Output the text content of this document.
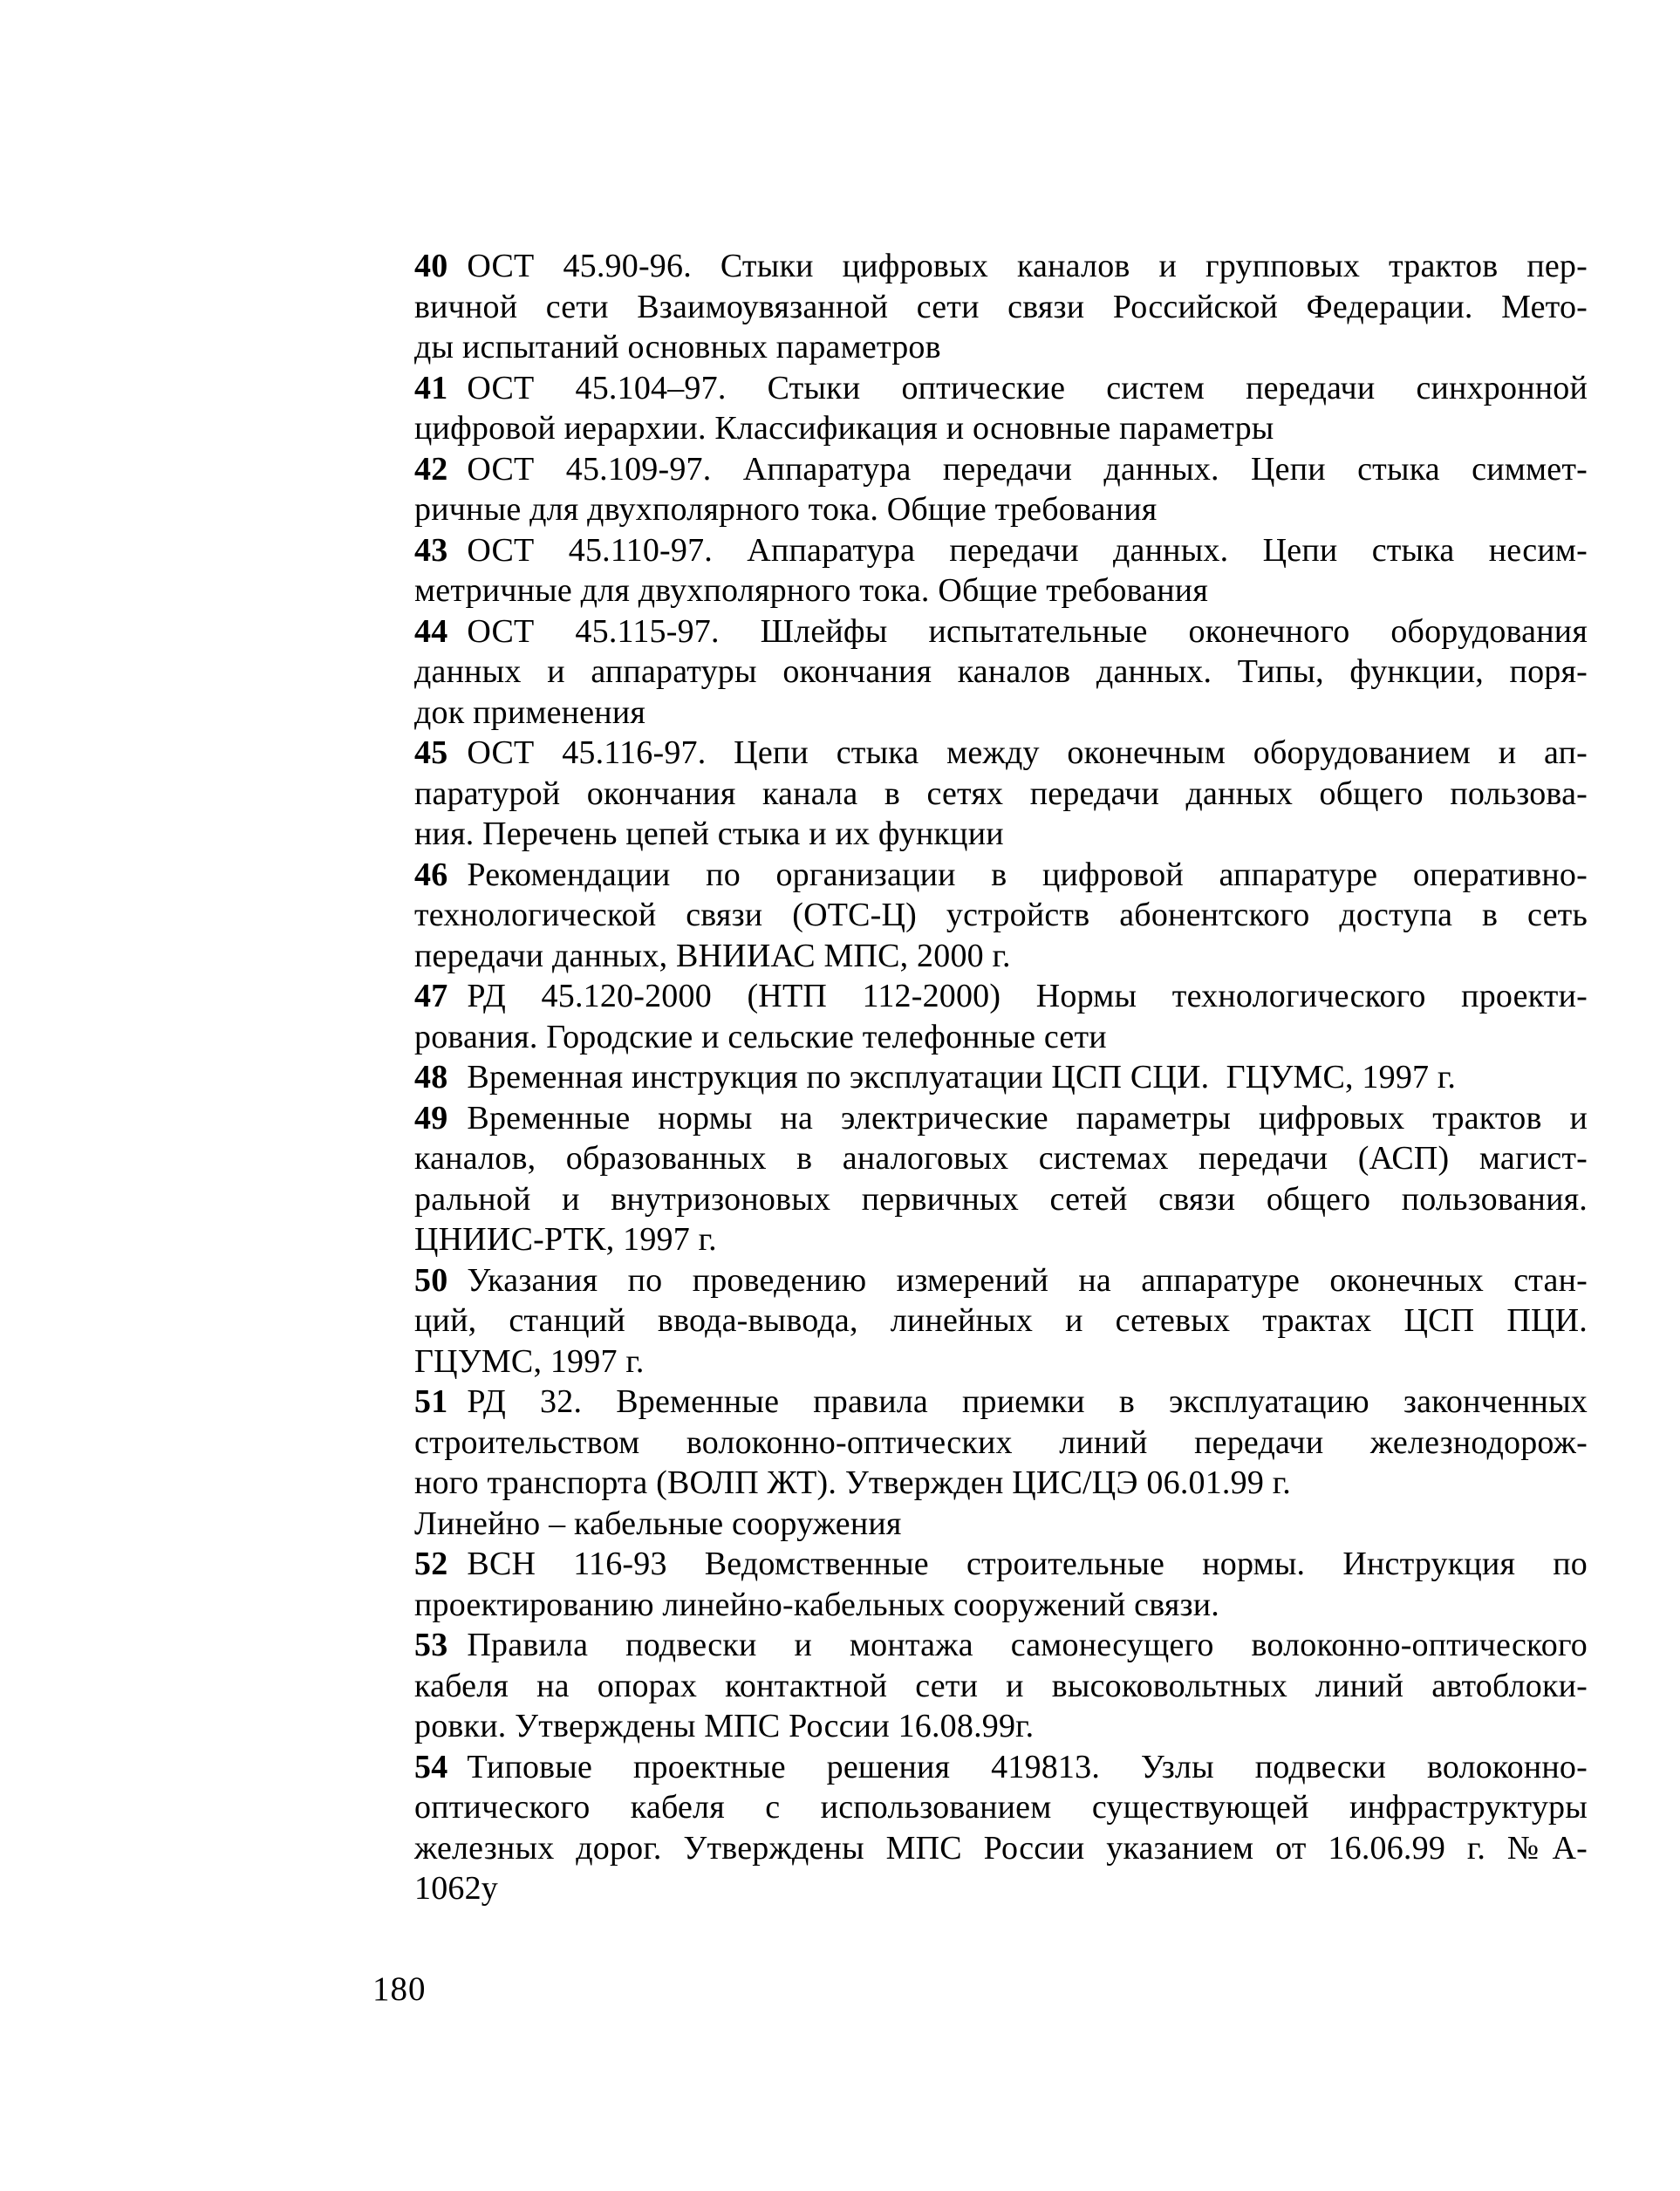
40 ОСТ 45.90-96. Стыки цифровых каналов и групповых трактов пер-
вичной сети Взаимоувязанной сети связи Российской Федерации. Мето-
ды испытаний основных параметров
41 ОСТ 45.104–97. Стыки оптические систем передачи синхронной
цифровой иерархии. Классификация и основные параметры
42 ОСТ 45.109-97. Аппаратура передачи данных. Цепи стыка симмет-
ричные для двухполярного тока. Общие требования
43 ОСТ 45.110-97. Аппаратура передачи данных. Цепи стыка несим-
метричные для двухполярного тока. Общие требования
44 ОСТ 45.115-97. Шлейфы испытательные оконечного оборудования
данных и аппаратуры окончания каналов данных. Типы, функции, поря-
док применения
45 ОСТ 45.116-97. Цепи стыка между оконечным оборудованием и ап-
паратурой окончания канала в сетях передачи данных общего пользова-
ния. Перечень цепей стыка и их функции
46 Рекомендации по организации в цифровой аппаратуре оперативно-
технологической связи (ОТС-Ц) устройств абонентского доступа в сеть
передачи данных, ВНИИАС МПС, 2000 г.
47 РД 45.120-2000 (НТП 112-2000) Нормы технологического проекти-
рования. Городские и сельские телефонные сети
48 Временная инструкция по эксплуатации ЦСП СЦИ. ГЦУМС, 1997 г.
49 Временные нормы на электрические параметры цифровых трактов и
каналов, образованных в аналоговых системах передачи (АСП) магист-
ральной и внутризоновых первичных сетей связи общего пользования.
ЦНИИС-РТК, 1997 г.
50 Указания по проведению измерений на аппаратуре оконечных стан-
ций, станций ввода-вывода, линейных и сетевых трактах ЦСП ПЦИ.
ГЦУМС, 1997 г.
51 РД 32. Временные правила приемки в эксплуатацию законченных
строительством волоконно-оптических линий передачи железнодорож-
ного транспорта (ВОЛП ЖТ). Утвержден ЦИС/ЦЭ 06.01.99 г.
Линейно – кабельные сооружения
52 ВСН 116-93 Ведомственные строительные нормы. Инструкция по
проектированию линейно-кабельных сооружений связи.
53 Правила подвески и монтажа самонесущего волоконно-оптического
кабеля на опорах контактной сети и высоковольтных линий автоблоки-
ровки. Утверждены МПС России 16.08.99г.
54 Типовые проектные решения 419813. Узлы подвески волоконно-
оптического кабеля с использованием существующей инфраструктуры
железных дорог. Утверждены МПС России указанием от 16.06.99 г. №А-
1062у
180
